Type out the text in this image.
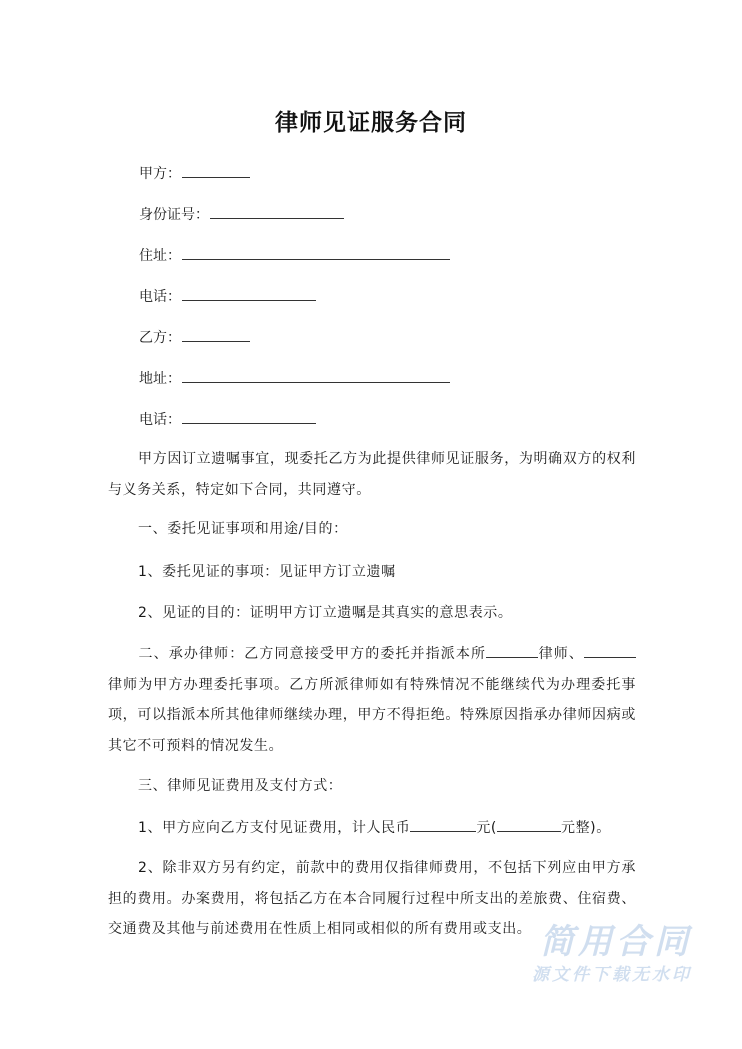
律师见证服务合同
甲方：
身份证号：
住址：
电话：
乙方：
地址：
电话：
甲方因订立遗嘱事宜，现委托乙方为此提供律师见证服务，为明确双方的权利与义务关系，特定如下合同，共同遵守。
一、委托见证事项和用途/目的：
1、委托见证的事项：见证甲方订立遗嘱
2、见证的目的：证明甲方订立遗嘱是其真实的意思表示。
二、承办律师：乙方同意接受甲方的委托并指派本所	律师、律师为甲方办理委托事项。乙方所派律师如有特殊情况不能继续代为办理委托事项，可以指派本所其他律师继续办理，甲方不得拒绝。特殊原因指承办律师因病或其它不可预料的情况发生。
三、律师见证费用及支付方式：
1、甲方应向乙方支付见证费用，计人民币	元(	元整)。
2、除非双方另有约定，前款中的费用仅指律师费用，不包括下列应由甲方承担的费用。办案费用，将包括乙方在本合同履行过程中所支出的差旅费、住宿费、交通费及其他与前述费用在性质上相同或相似的所有费用或支出。 简用合同
源文件下载无水印
